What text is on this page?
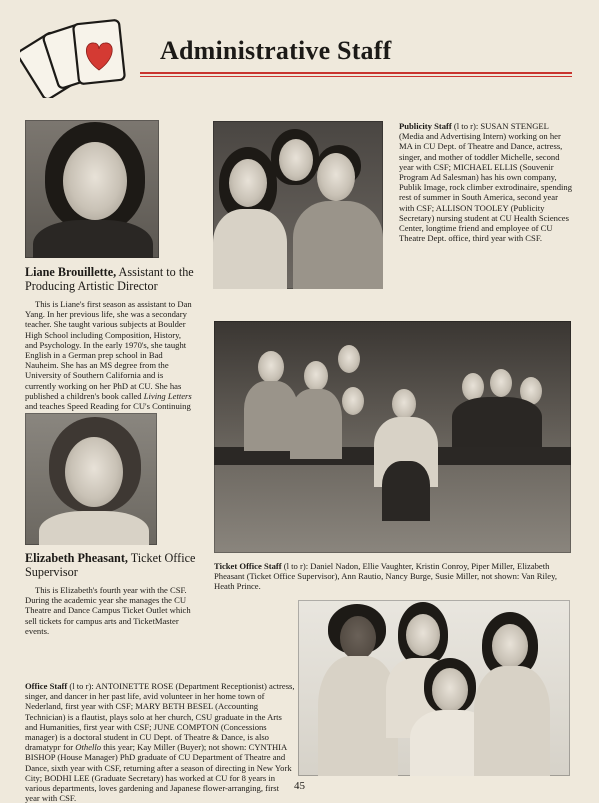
Administrative Staff
Liane Brouillette, Assistant to the Producing Artistic Director
This is Liane's first season as assistant to Dan Yang. In her previous life, she was a secondary teacher. She taught various subjects at Boulder High School including Composition, History, and Psychology. In the early 1970's, she taught English in a German prep school in Bad Nauheim. She has an MS degree from the University of Southern California and is currently working on her PhD at CU. She has published a children's book called Living Letters and teaches Speed Reading for CU's Continuing
Publicity Staff (l to r): SUSAN STENGEL (Media and Advertising Intern) working on her MA in CU Dept. of Theatre and Dance, actress, singer, and mother of toddler Michelle, second year with CSF; MICHAEL ELLIS (Souvenir Program Ad Salesman) has his own company, Publik Image, rock climber extrodinaire, spending rest of summer in South America, second year with CSF; ALLISON TOOLEY (Publicity Secretary) nursing student at CU Health Sciences Center, longtime friend and employee of CU Theatre Dept. office, third year with CSF.
Ticket Office Staff (l to r): Daniel Nadon, Ellie Vaughter, Kristin Conroy, Piper Miller, Elizabeth Pheasant (Ticket Office Supervisor), Ann Rautio, Nancy Burge, Susie Miller, not shown: Van Riley, Heath Prince.
Elizabeth Pheasant, Ticket Office Supervisor
This is Elizabeth's fourth year with the CSF. During the academic year she manages the CU Theatre and Dance Campus Ticket Outlet which sell tickets for campus arts and TicketMaster events.
Office Staff (l to r): ANTOINETTE ROSE (Department Receptionist) actress, singer, and dancer in her past life, avid volunteer in her home town of Nederland, first year with CSF; MARY BETH BESEL (Accounting Technician) is a flautist, plays solo at her church, CSU graduate in the Arts and Humanities, first year with CSF; JUNE COMPTON (Concessions manager) is a doctoral student in CU Dept. of Theatre & Dance, is also dramatург for Othello this year; Kay Miller (Buyer); not shown: CYNTHIA BISHOP (House Manager) PhD graduate of CU Department of Theatre and Dance, sixth year with CSF, returning after a season of directing in New York City; BODHI LEE (Graduate Secretary) has worked at CU for 8 years in various departments, loves gardening and Japanese flower-arranging, first year with CSF.
45
